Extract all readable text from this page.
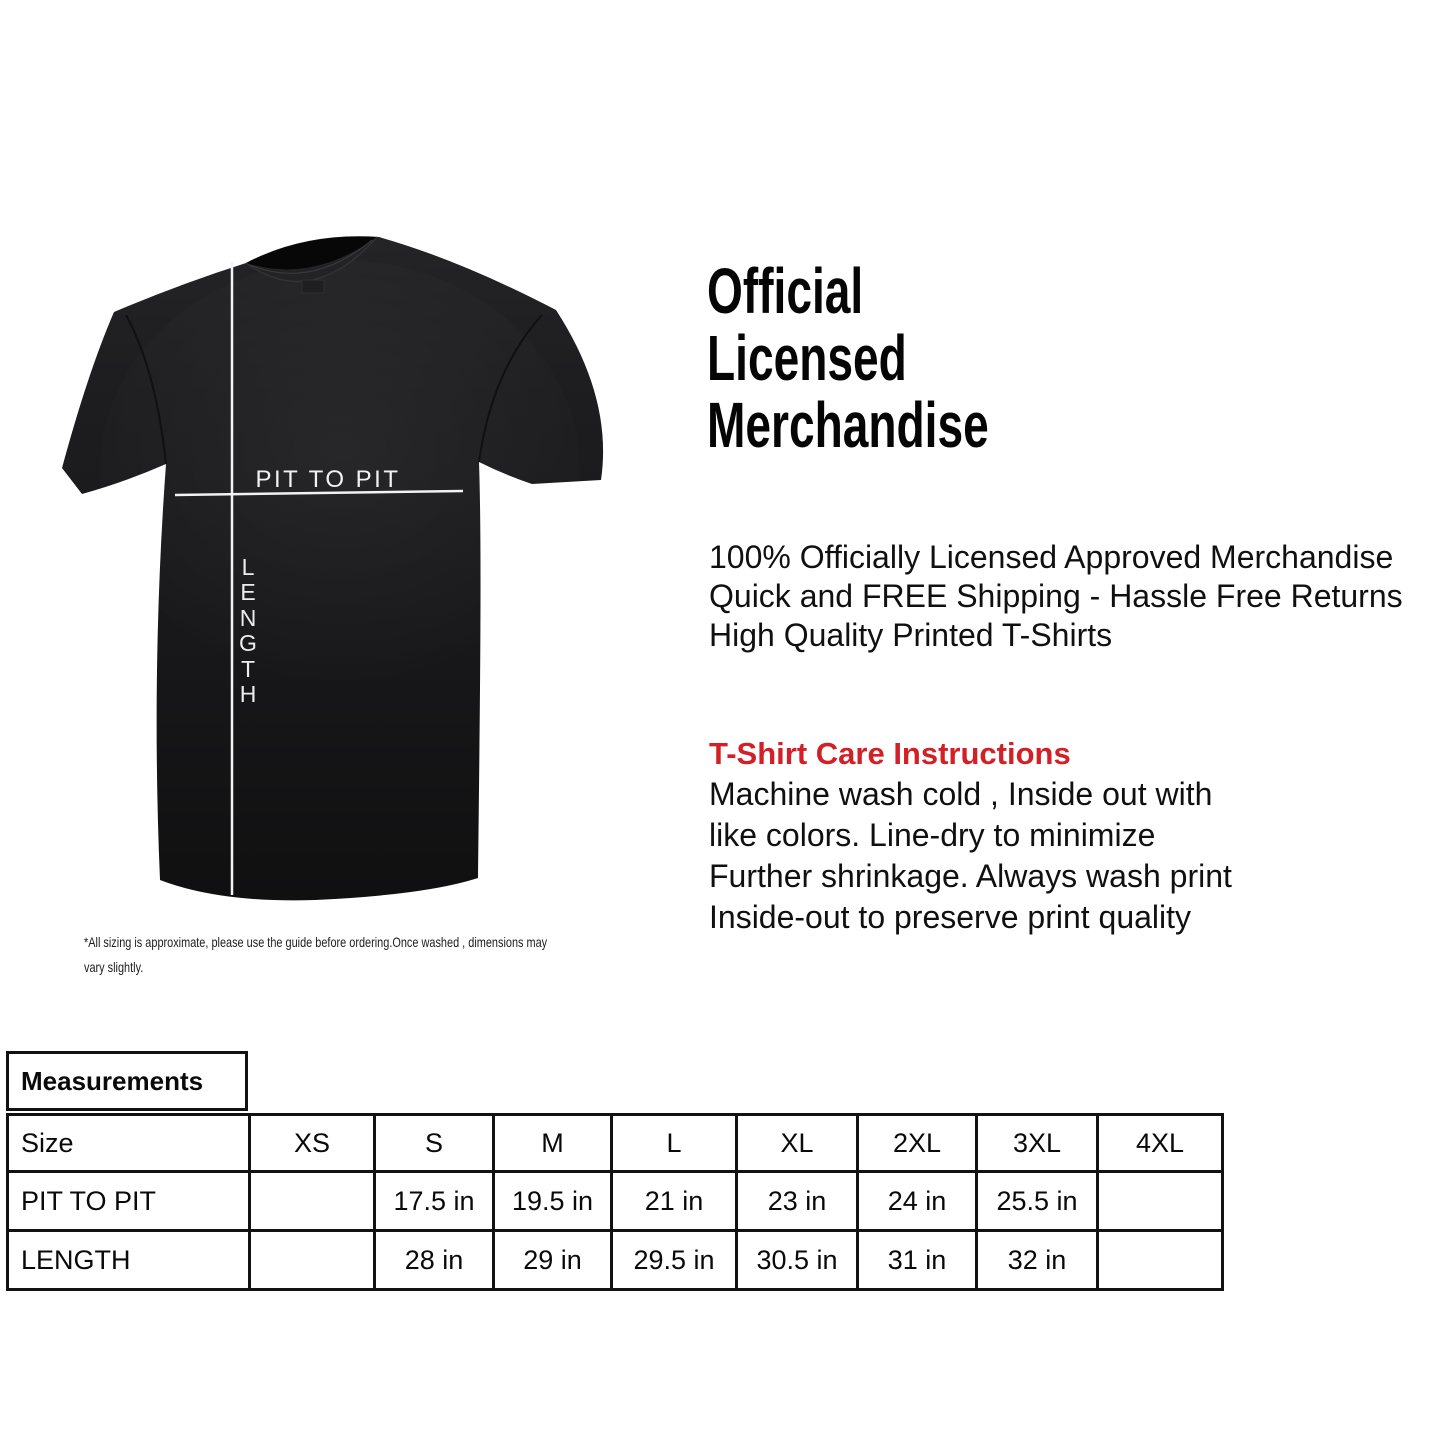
PIT TO PIT
L
E
N
G
T
H
*All sizing is approximate, please use the guide before ordering.Once washed , dimensions may
vary slightly.
Official
Licensed
Merchandise
100% Officially Licensed Approved Merchandise
Quick and FREE Shipping - Hassle Free Returns
High Quality Printed T-Shirts
T-Shirt Care Instructions
Machine wash cold , Inside out with
like colors. Line-dry to minimize
Further shrinkage. Always wash print
Inside-out to preserve print quality
Measurements
Size	XS	S	M	L	XL	2XL	3XL	4XL
PIT TO PIT		17.5 in	19.5 in	21 in	23 in	24 in	25.5 in	
LENGTH		28 in	29 in	29.5 in	30.5 in	31 in	32 in	
